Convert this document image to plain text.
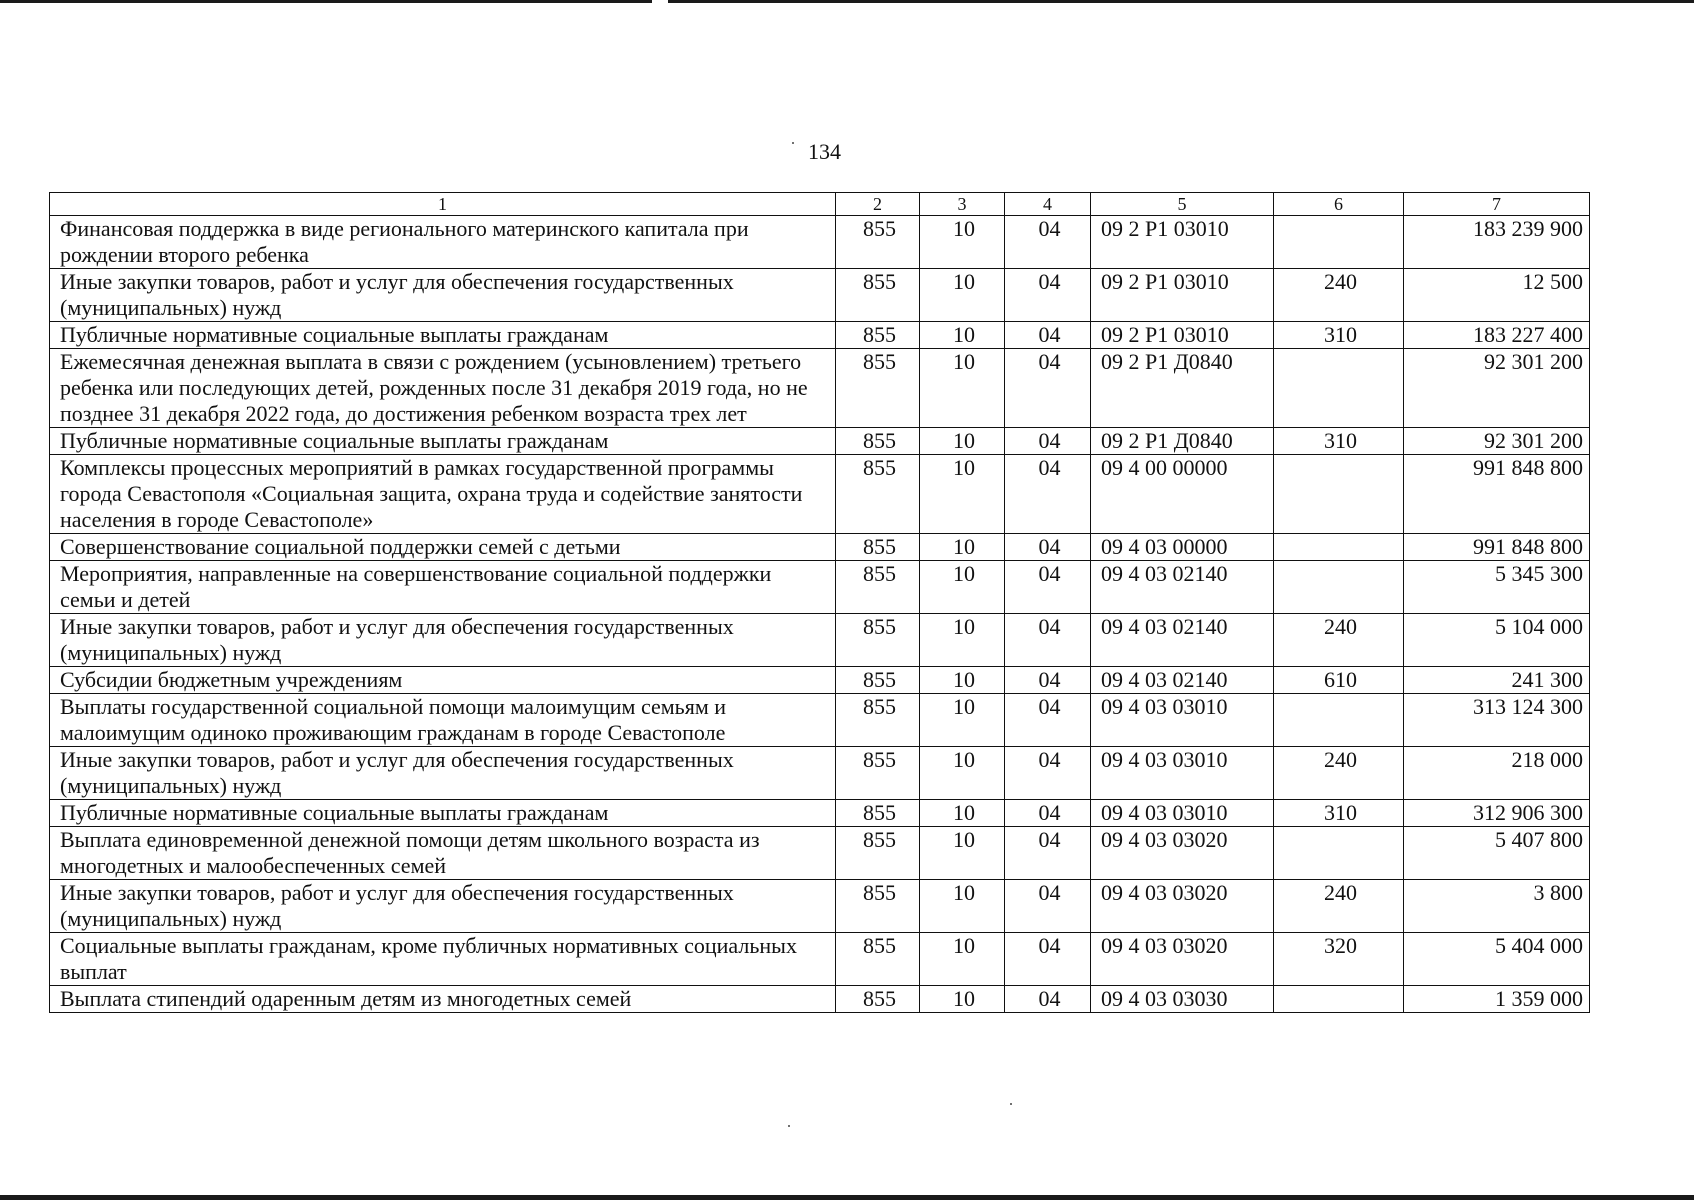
134
1	2	3	4	5	6	7
Финансовая поддержка в виде регионального материнского капитала при рождении второго ребенка	855	10	04	09 2 P1 03010		183 239 900
Иные закупки товаров, работ и услуг для обеспечения государственных (муниципальных) нужд	855	10	04	09 2 P1 03010	240	12 500
Публичные нормативные социальные выплаты гражданам	855	10	04	09 2 P1 03010	310	183 227 400
Ежемесячная денежная выплата в связи с рождением (усыновлением) третьего ребенка или последующих детей, рожденных после 31 декабря 2019 года, но не позднее 31 декабря 2022 года, до достижения ребенком возраста трех лет	855	10	04	09 2 P1 Д0840		92 301 200
Публичные нормативные социальные выплаты гражданам	855	10	04	09 2 P1 Д0840	310	92 301 200
Комплексы процессных мероприятий в рамках государственной программы города Севастополя «Социальная защита, охрана труда и содействие занятости населения в городе Севастополе»	855	10	04	09 4 00 00000		991 848 800
Совершенствование социальной поддержки семей с детьми	855	10	04	09 4 03 00000		991 848 800
Мероприятия, направленные на совершенствование социальной поддержки семьи и детей	855	10	04	09 4 03 02140		5 345 300
Иные закупки товаров, работ и услуг для обеспечения государственных (муниципальных) нужд	855	10	04	09 4 03 02140	240	5 104 000
Субсидии бюджетным учреждениям	855	10	04	09 4 03 02140	610	241 300
Выплаты государственной социальной помощи малоимущим семьям и малоимущим одиноко проживающим гражданам в городе Севастополе	855	10	04	09 4 03 03010		313 124 300
Иные закупки товаров, работ и услуг для обеспечения государственных (муниципальных) нужд	855	10	04	09 4 03 03010	240	218 000
Публичные нормативные социальные выплаты гражданам	855	10	04	09 4 03 03010	310	312 906 300
Выплата единовременной денежной помощи детям школьного возраста из многодетных и малообеспеченных семей	855	10	04	09 4 03 03020		5 407 800
Иные закупки товаров, работ и услуг для обеспечения государственных (муниципальных) нужд	855	10	04	09 4 03 03020	240	3 800
Социальные выплаты гражданам, кроме публичных нормативных социальных выплат	855	10	04	09 4 03 03020	320	5 404 000
Выплата стипендий одаренным детям из многодетных семей	855	10	04	09 4 03 03030		1 359 000
